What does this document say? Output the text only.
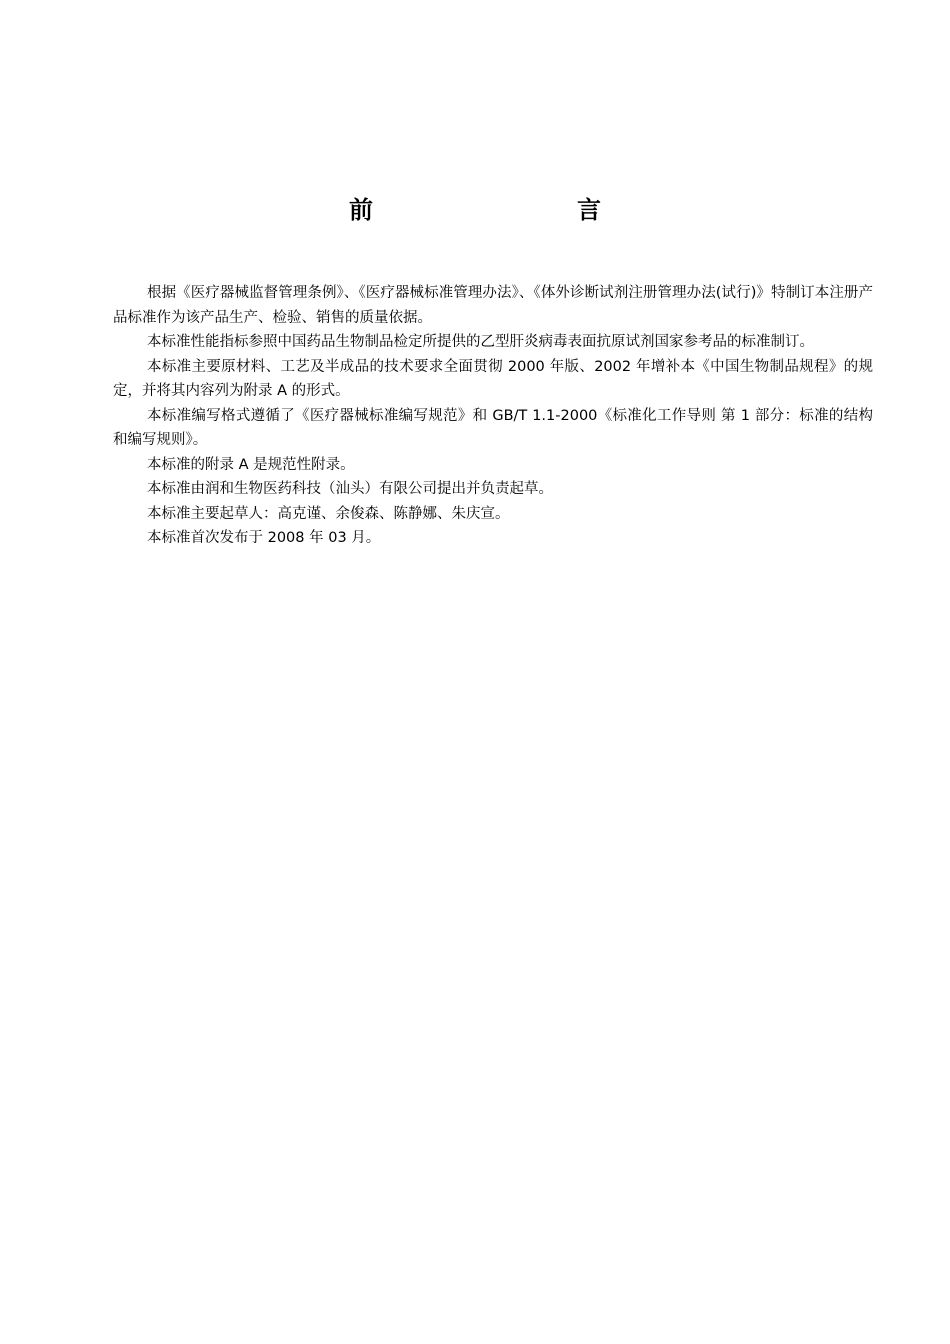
前　　言

根据《医疗器械监督管理条例》、《医疗器械标准管理办法》、《体外诊断试剂注册管理办法(试行)》特制订本注册产品标准作为该产品生产、检验、销售的质量依据。

本标准性能指标参照中国药品生物制品检定所提供的乙型肝炎病毒表面抗原试剂国家参考品的标准制订。

本标准主要原材料、工艺及半成品的技术要求全面贯彻 2000 年版、2002 年增补本《中国生物制品规程》的规定，并将其内容列为附录 A 的形式。

本标准编写格式遵循了《医疗器械标准编写规范》和 GB/T 1.1-2000《标准化工作导则 第 1 部分：标准的结构和编写规则》。

本标准的附录 A 是规范性附录。

本标准由润和生物医药科技（汕头）有限公司提出并负责起草。

本标准主要起草人：高克谨、余俊森、陈静娜、朱庆宣。

本标准首次发布于 2008 年 03 月。
